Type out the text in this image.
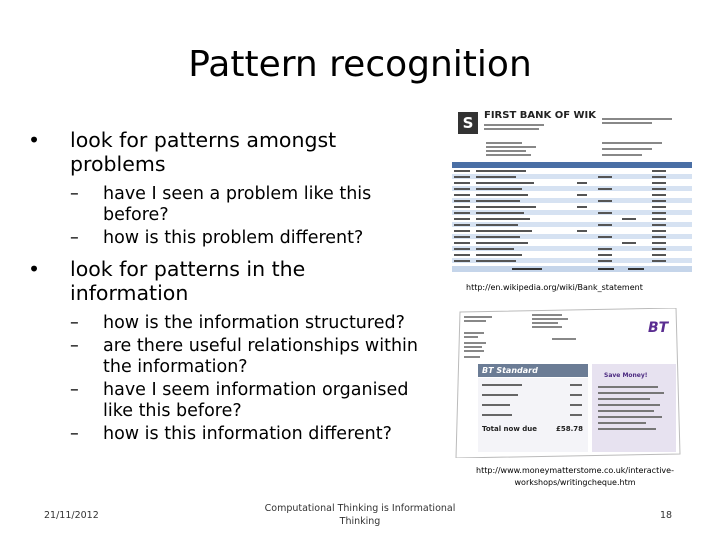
Pattern recognition
• look for patterns amongst problems
– have I seen a problem like this before?
– how is this problem different?
• look for patterns in the information
– how is the information structured?
– are there useful relationships within the information?
– have I seem information organised like this before?
– how is this information different?
S	FIRST BANK OF WIK
http://en.wikipedia.org/wiki/Bank_statement
BT
BT Standard
Save Money!
Total now due	£58.78
http://www.moneymatterstome.co.uk/interactive-workshops/writingcheque.htm
21/11/2012
Computational Thinking is Informational Thinking
18
